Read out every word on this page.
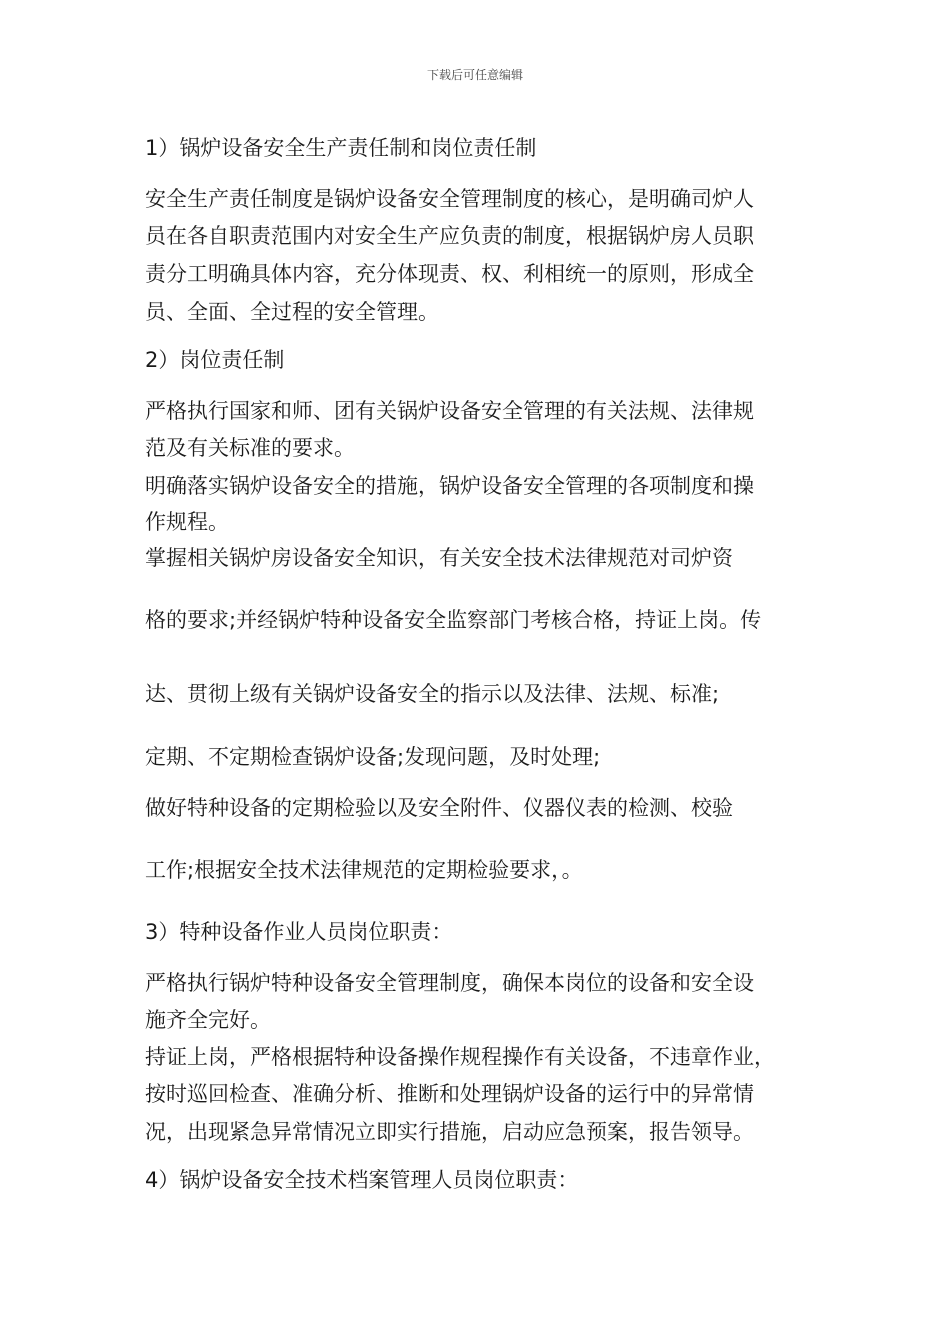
下载后可任意编辑
1）锅炉设备安全生产责任制和岗位责任制
安全生产责任制度是锅炉设备安全管理制度的核心，是明确司炉人
员在各自职责范围内对安全生产应负责的制度，根据锅炉房人员职
责分工明确具体内容，充分体现责、权、利相统一的原则，形成全
员、全面、全过程的安全管理。
2）岗位责任制
严格执行国家和师、团有关锅炉设备安全管理的有关法规、法律规
范及有关标准的要求。
明确落实锅炉设备安全的措施，锅炉设备安全管理的各项制度和操
作规程。
掌握相关锅炉房设备安全知识，有关安全技术法律规范对司炉资
格的要求;并经锅炉特种设备安全监察部门考核合格，持证上岗。传
达、贯彻上级有关锅炉设备安全的指示以及法律、法规、标准;
定期、不定期检查锅炉设备;发现问题，及时处理;
做好特种设备的定期检验以及安全附件、仪器仪表的检测、校验
工作;根据安全技术法律规范的定期检验要求，。
3）特种设备作业人员岗位职责：
严格执行锅炉特种设备安全管理制度，确保本岗位的设备和安全设
施齐全完好。
持证上岗，严格根据特种设备操作规程操作有关设备，不违章作业，
按时巡回检查、准确分析、推断和处理锅炉设备的运行中的异常情
况，出现紧急异常情况立即实行措施，启动应急预案，报告领导。
4）锅炉设备安全技术档案管理人员岗位职责：
